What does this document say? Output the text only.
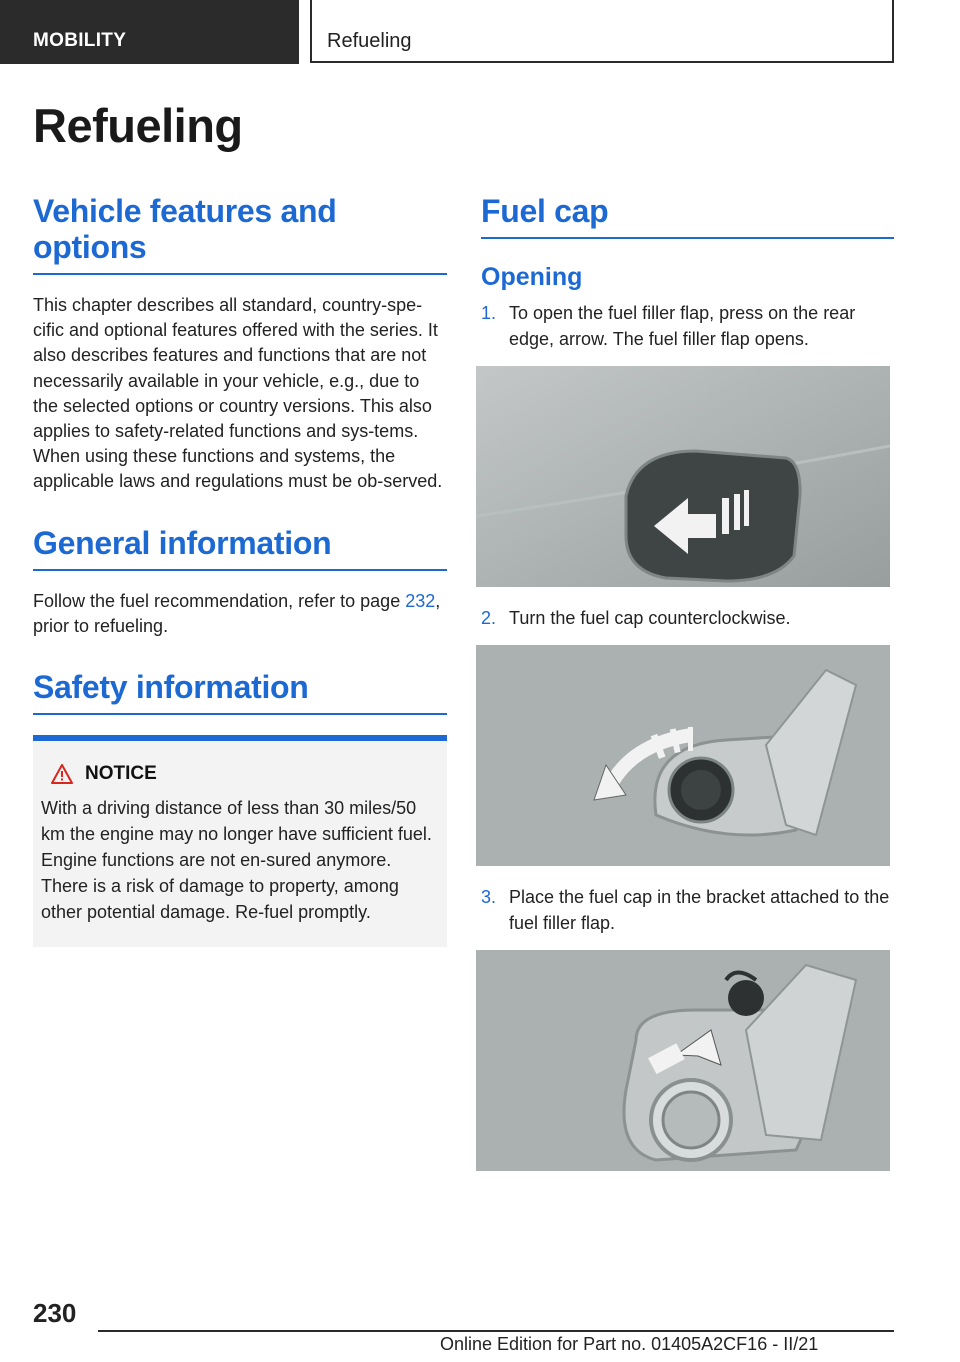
MOBILITY	Refueling
Refueling
Vehicle features and options

This chapter describes all standard, country-spe-cific and optional features offered with the series. It also describes features and functions that are not necessarily available in your vehicle, e.g., due to the selected options or country versions. This also applies to safety-related functions and sys-tems. When using these functions and systems, the applicable laws and regulations must be ob-served.

General information

Follow the fuel recommendation, refer to page 232, prior to refueling.

Safety information
NOTICE

With a driving distance of less than 30 miles/50 km the engine may no longer have sufficient fuel. Engine functions are not en-sured anymore. There is a risk of damage to property, among other potential damage. Re-fuel promptly.

Fuel cap
Opening
1. To open the fuel filler flap, press on the rear edge, arrow. The fuel filler flap opens.
2. Turn the fuel cap counterclockwise.
3. Place the fuel cap in the bracket attached to the fuel filler flap.
230
Online Edition for Part no. 01405A2CF16 - II/21
